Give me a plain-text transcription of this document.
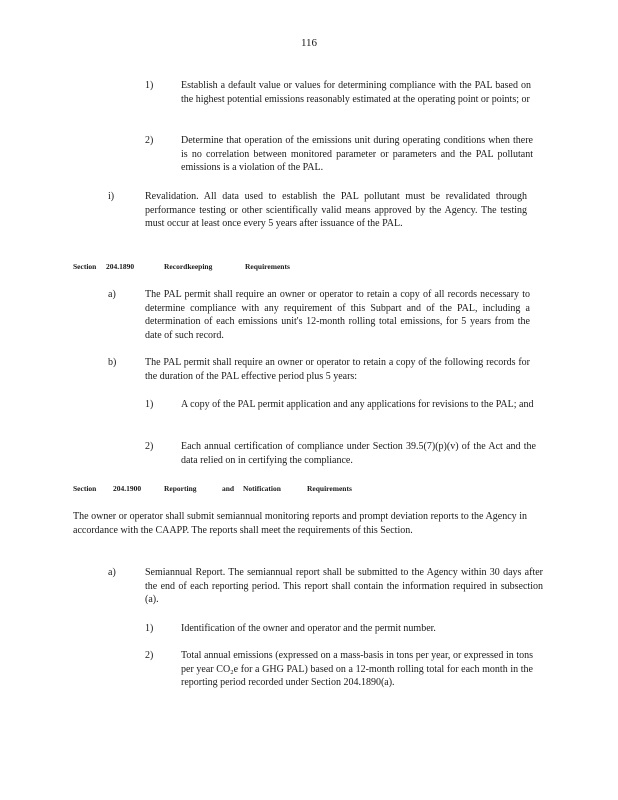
116
1)	Establish a default value or values for determining compliance with the PAL based on the highest potential emissions reasonably estimated at the operating point or points; or
2)	Determine that operation of the emissions unit during operating conditions when there is no correlation between monitored parameter or parameters and the PAL pollutant emissions is a violation of the PAL.
i)	Revalidation. All data used to establish the PAL pollutant must be revalidated through performance testing or other scientifically valid means approved by the Agency. The testing must occur at least once every 5 years after issuance of the PAL.

Section

204.1890

	Recordkeeping

	Requirements

a)	The PAL permit shall require an owner or operator to retain a copy of all records necessary to determine compliance with any requirement of this Subpart and of the PAL, including a determination of each emissions unit's 12-month rolling total emissions, for 5 years from the date of such record.
b)	The PAL permit shall require an owner or operator to retain a copy of the following records for the duration of the PAL effective period plus 5 years:
1)	A copy of the PAL permit application and any applications for revisions to the PAL; and
2)	Each annual certification of compliance under Section 39.5(7)(p)(v) of the Act and the data relied on in certifying the compliance.

Section

204.1900

	Reporting

	and

Notification

	Requirements

The owner or operator shall submit semiannual monitoring reports and prompt deviation reports to the Agency in accordance with the CAAPP. The reports shall meet the requirements of this Section.
a)	Semiannual Report. The semiannual report shall be submitted to the Agency within 30 days after the end of each reporting period. This report shall contain the information required in subsection (a).
1)	Identification of the owner and operator and the permit number.
2)	Total annual emissions (expressed on a mass-basis in tons per year, or expressed in tons per year CO₂e for a GHG PAL) based on a 12-month rolling total for each month in the reporting period recorded under Section 204.1890(a).
